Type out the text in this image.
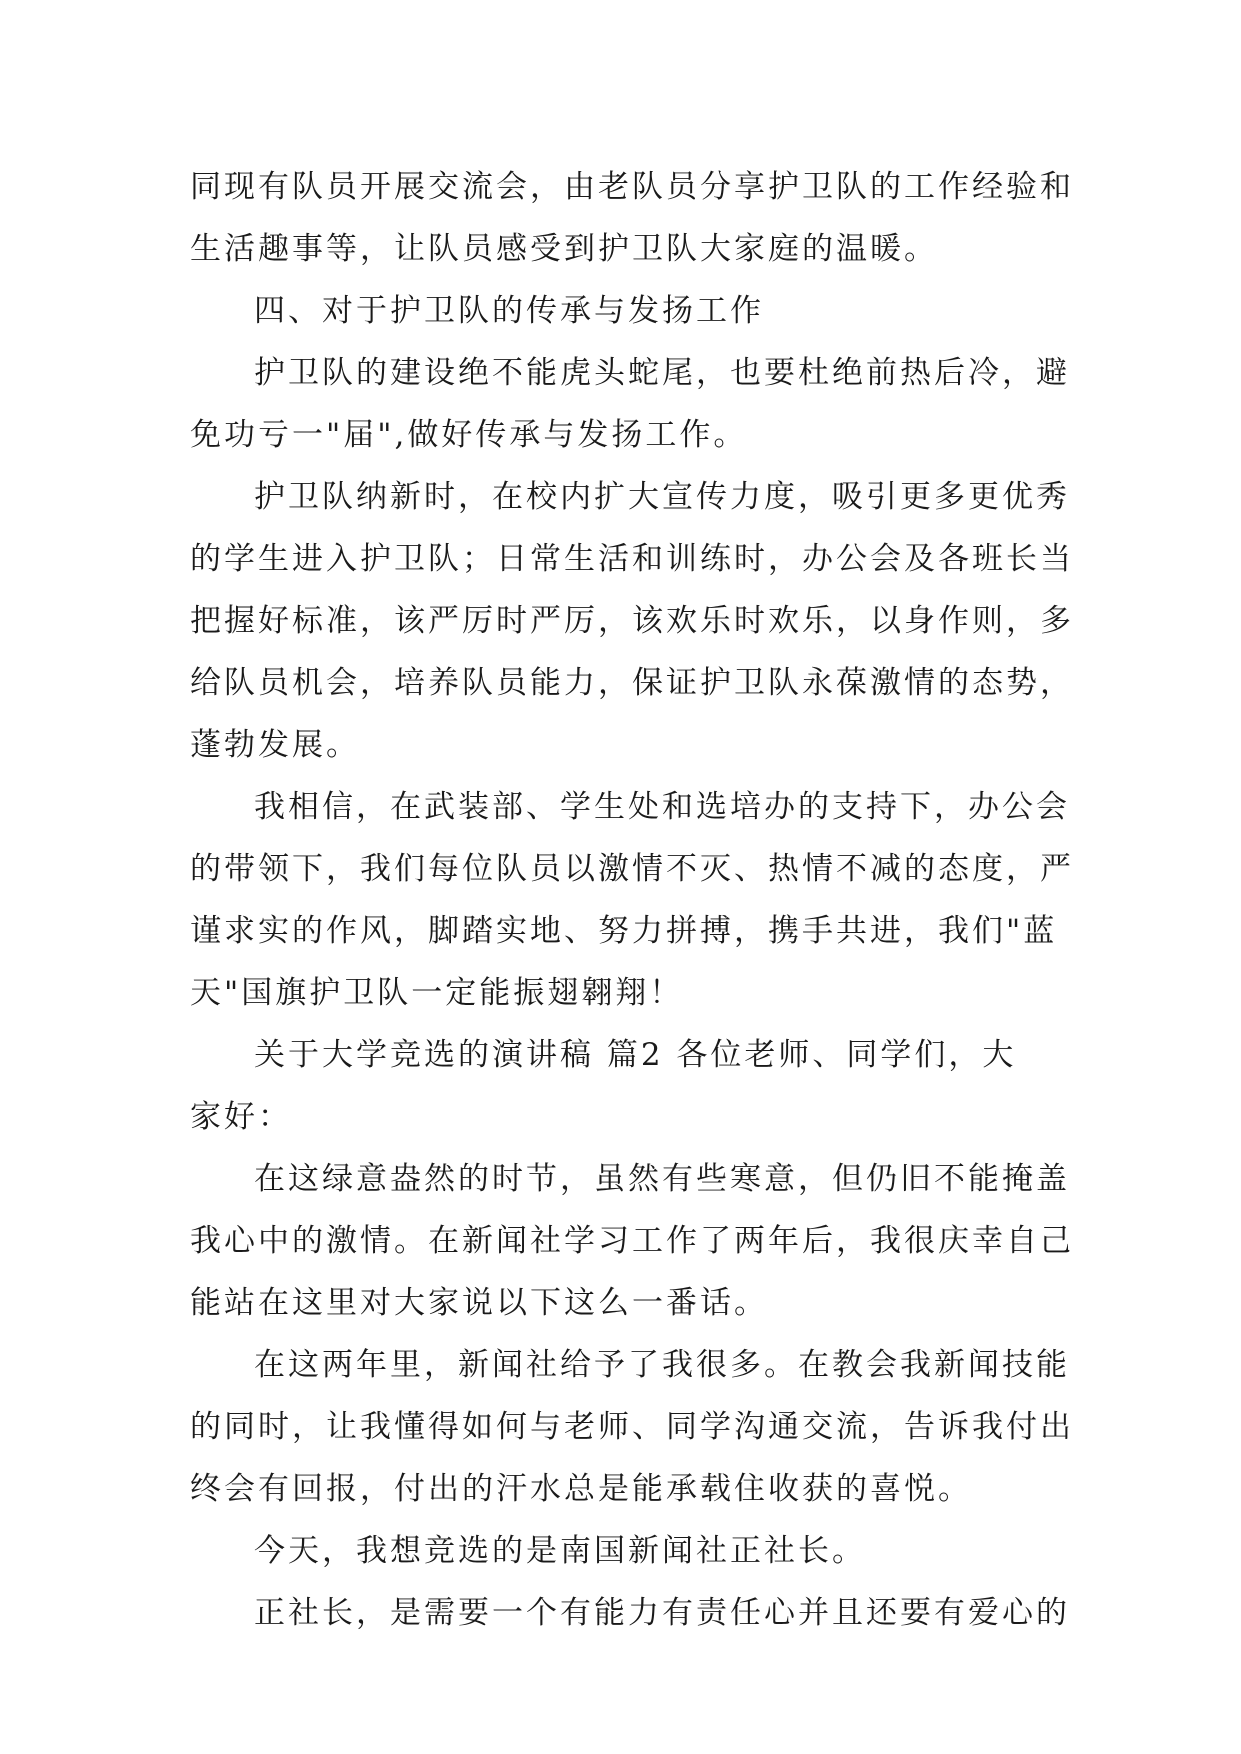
同现有队员开展交流会，由老队员分享护卫队的工作经验和
生活趣事等，让队员感受到护卫队大家庭的温暖。
四、对于护卫队的传承与发扬工作
护卫队的建设绝不能虎头蛇尾，也要杜绝前热后冷，避
免功亏一"届",做好传承与发扬工作。
护卫队纳新时，在校内扩大宣传力度，吸引更多更优秀
的学生进入护卫队；日常生活和训练时，办公会及各班长当
把握好标准，该严厉时严厉，该欢乐时欢乐，以身作则，多
给队员机会，培养队员能力，保证护卫队永葆激情的态势，
蓬勃发展。
我相信，在武装部、学生处和选培办的支持下，办公会
的带领下，我们每位队员以激情不灭、热情不减的态度，严
谨求实的作风，脚踏实地、努力拼搏，携手共进，我们"蓝
天"国旗护卫队一定能振翅翱翔！
关于大学竞选的演讲稿 篇2 各位老师、同学们，大
家好：
在这绿意盎然的时节，虽然有些寒意，但仍旧不能掩盖
我心中的激情。在新闻社学习工作了两年后，我很庆幸自己
能站在这里对大家说以下这么一番话。
在这两年里，新闻社给予了我很多。在教会我新闻技能
的同时，让我懂得如何与老师、同学沟通交流，告诉我付出
终会有回报，付出的汗水总是能承载住收获的喜悦。
今天，我想竞选的是南国新闻社正社长。
正社长，是需要一个有能力有责任心并且还要有爱心的
